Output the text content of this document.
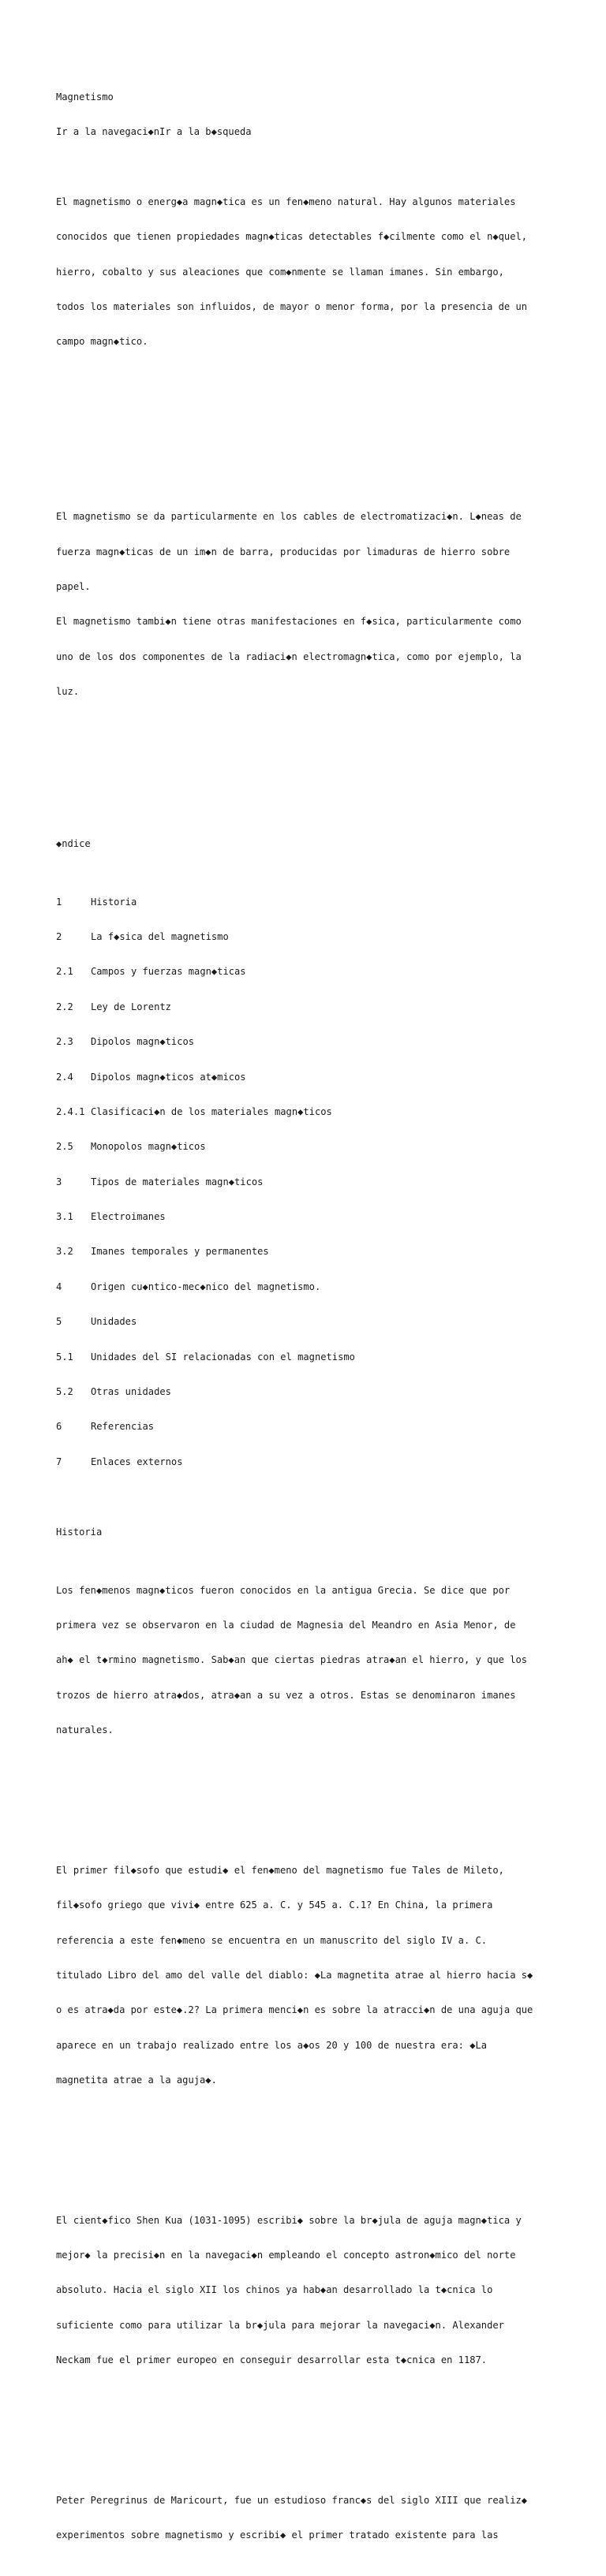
Magnetismo

Ir a la navegaci◆nIr a la b◆squeda

El magnetismo o energ◆a magn◆tica es un fen◆meno natural. Hay algunos materiales

conocidos que tienen propiedades magn◆ticas detectables f◆cilmente como el n◆quel,

hierro, cobalto y sus aleaciones que com◆nmente se llaman imanes. Sin embargo,

todos los materiales son influidos, de mayor o menor forma, por la presencia de un

campo magn◆tico.

El magnetismo se da particularmente en los cables de electromatizaci◆n. L◆neas de

fuerza magn◆ticas de un im◆n de barra, producidas por limaduras de hierro sobre

papel.

El magnetismo tambi◆n tiene otras manifestaciones en f◆sica, particularmente como

uno de los dos componentes de la radiaci◆n electromagn◆tica, como por ejemplo, la

luz.

◆ndice

1	Historia

2	La f◆sica del magnetismo

2.1 Campos y fuerzas magn◆ticas

2.2 Ley de Lorentz

2.3 Dipolos magn◆ticos

2.4 Dipolos magn◆ticos at◆micos

2.4.1 Clasificaci◆n de los materiales magn◆ticos

2.5 Monopolos magn◆ticos

3	Tipos de materiales magn◆ticos

3.1 Electroimanes

3.2 Imanes temporales y permanentes

4	Origen cu◆ntico-mec◆nico del magnetismo.

5	Unidades

5.1 Unidades del SI relacionadas con el magnetismo

5.2 Otras unidades

6	Referencias

7	Enlaces externos

Historia

Los fen◆menos magn◆ticos fueron conocidos en la antigua Grecia. Se dice que por

primera vez se observaron en la ciudad de Magnesia del Meandro en Asia Menor, de

ah◆ el t◆rmino magnetismo. Sab◆an que ciertas piedras atra◆an el hierro, y que los

trozos de hierro atra◆dos, atra◆an a su vez a otros. Estas se denominaron imanes

naturales.

El primer fil◆sofo que estudi◆ el fen◆meno del magnetismo fue Tales de Mileto,

fil◆sofo griego que vivi◆ entre 625 a. C. y 545 a. C.1? En China, la primera

referencia a este fen◆meno se encuentra en un manuscrito del siglo IV a. C.

titulado Libro del amo del valle del diablo: ◆La magnetita atrae al hierro hacia s◆

o es atra◆da por este◆.2? La primera menci◆n es sobre la atracci◆n de una aguja que

aparece en un trabajo realizado entre los a◆os 20 y 100 de nuestra era: ◆La

magnetita atrae a la aguja◆.

El cient◆fico Shen Kua (1031-1095) escribi◆ sobre la br◆jula de aguja magn◆tica y

mejor◆ la precisi◆n en la navegaci◆n empleando el concepto astron◆mico del norte

absoluto. Hacia el siglo XII los chinos ya hab◆an desarrollado la t◆cnica lo

suficiente como para utilizar la br◆jula para mejorar la navegaci◆n. Alexander

Neckam fue el primer europeo en conseguir desarrollar esta t◆cnica en 1187.

Peter Peregrinus de Maricourt, fue un estudioso franc◆s del siglo XIII que realiz◆

experimentos sobre magnetismo y escribi◆ el primer tratado existente para las
